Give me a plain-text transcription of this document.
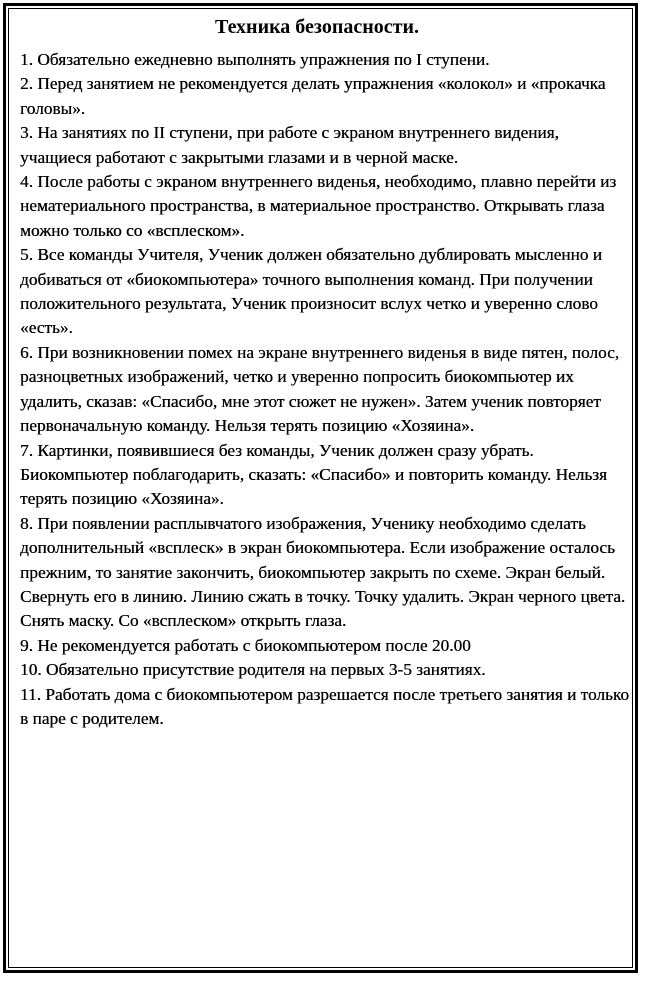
Техника безопасности.

1. Обязательно ежедневно выполнять упражнения по I ступени.

2. Перед занятием не рекомендуется делать упражнения «колокол» и «прокачка головы».

3. На занятиях по II ступени, при работе с экраном внутреннего видения, учащиеся работают с закрытыми глазами и в черной маске.

4. После работы с экраном внутреннего виденья, необходимо, плавно перейти из нематериального пространства, в материальное пространство. Открывать глаза можно только со «всплеском».

5. Все команды Учителя, Ученик должен обязательно дублировать мысленно и добиваться от «биокомпьютера» точного выполнения команд. При получении положительного результата, Ученик произносит вслух четко и уверенно слово «есть».

6. При возникновении помех на экране внутреннего виденья в виде пятен, полос, разноцветных изображений, четко и уверенно попросить биокомпьютер их удалить, сказав: «Спасибо, мне этот сюжет не нужен». Затем ученик повторяет первоначальную команду. Нельзя терять позицию «Хозяина».

7. Картинки, появившиеся без команды, Ученик должен сразу убрать. Биокомпьютер поблагодарить, сказать: «Спасибо» и повторить команду. Нельзя терять позицию «Хозяина».

8. При появлении расплывчатого изображения, Ученику необходимо сделать дополнительный «всплеск» в экран биокомпьютера. Если изображение осталось прежним, то занятие закончить, биокомпьютер закрыть по схеме. Экран белый. Свернуть его в линию. Линию сжать в точку. Точку удалить. Экран черного цвета. Снять маску. Со «всплеском» открыть глаза.

9. Не рекомендуется работать с биокомпьютером после 20.00

10. Обязательно присутствие родителя на первых 3-5 занятиях.

11. Работать дома с биокомпьютером разрешается после третьего занятия и только в паре с родителем.
